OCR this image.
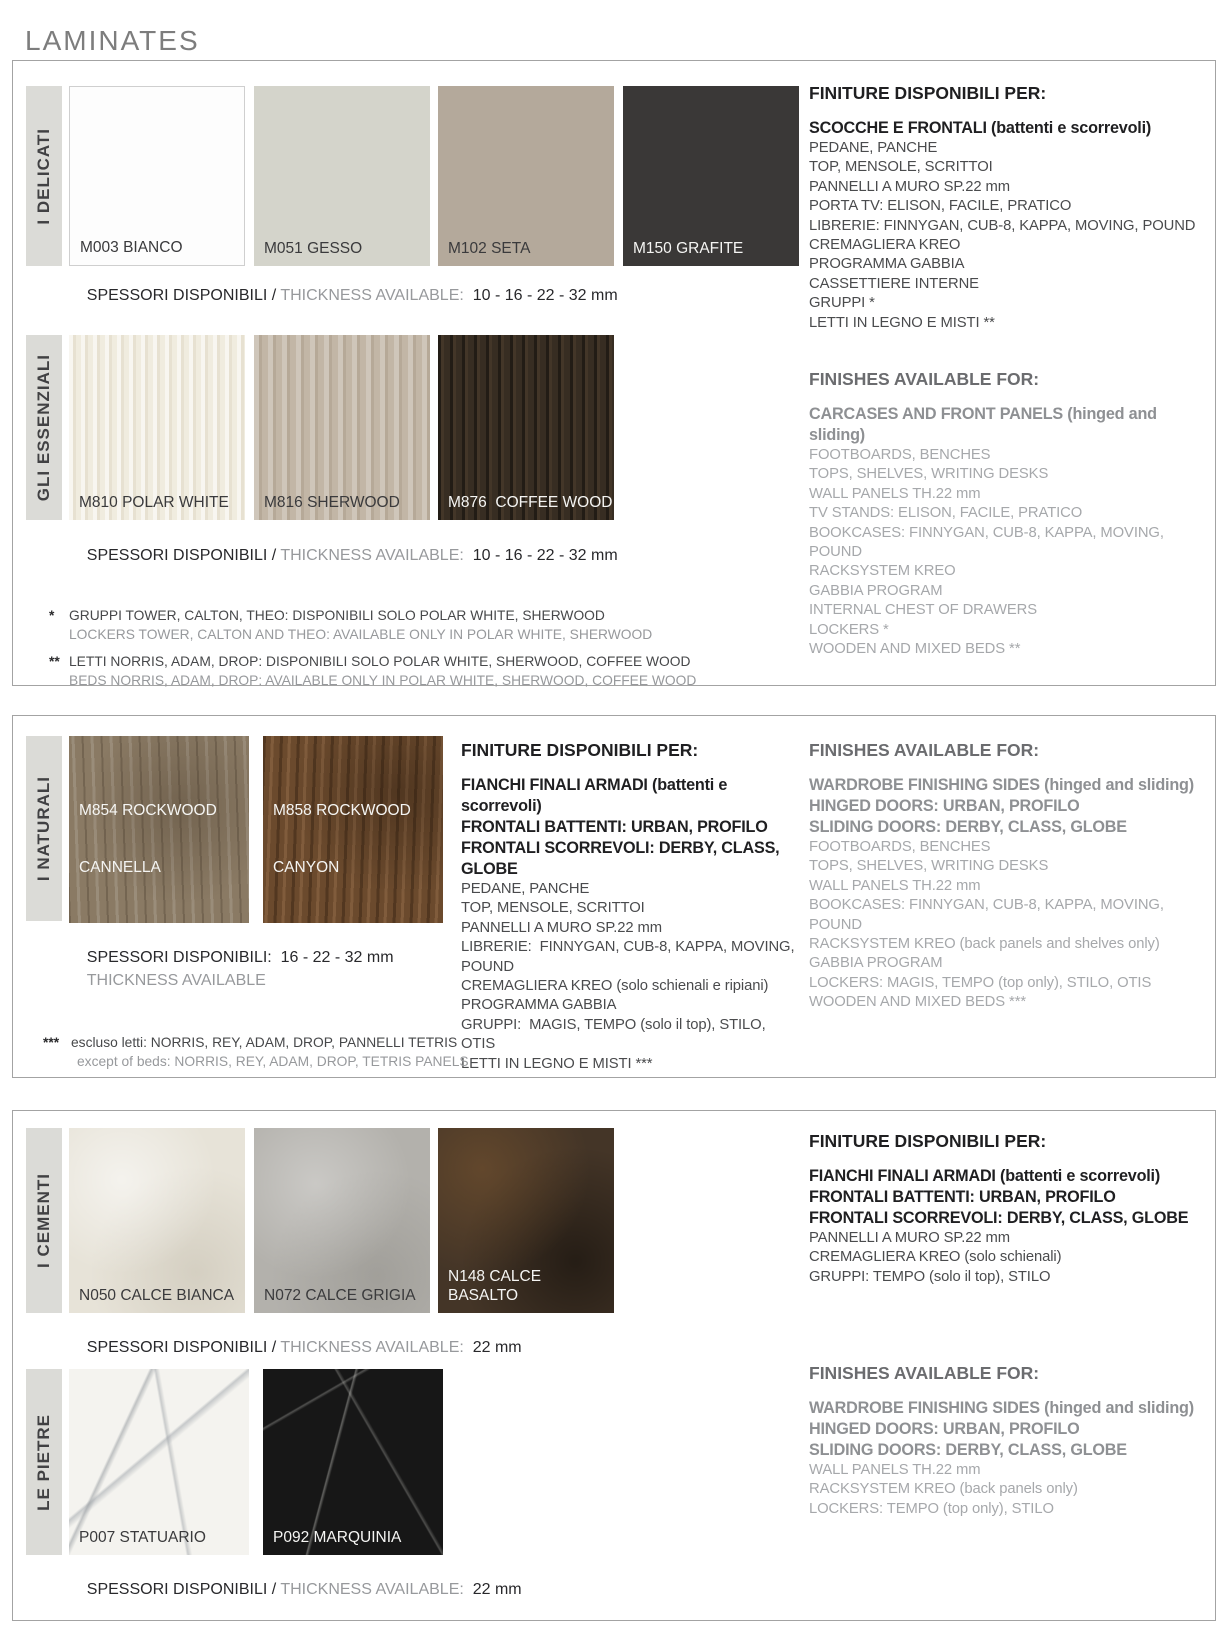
LAMINATES
I DELICATI
M003 BIANCO	M051 GESSO	M102 SETA	M150 GRAFITE

SPESSORI DISPONIBILI / THICKNESS AVAILABLE:  10 - 16 - 22 - 32 mm

GLI ESSENZIALI
M810 POLAR WHITE M816 SHERWOOD	M876  COFFEE WOOD

SPESSORI DISPONIBILI / THICKNESS AVAILABLE:  10 - 16 - 22 - 32 mm

FINITURE DISPONIBILI PER:
SCOCCHE E FRONTALI (battenti e scorrevoli)
PEDANE, PANCHE
TOP, MENSOLE, SCRITTOI
PANNELLI A MURO SP.22 mm
PORTA TV: ELISON, FACILE, PRATICO
LIBRERIE: FINNYGAN, CUB-8, KAPPA, MOVING, POUND
CREMAGLIERA KREO
PROGRAMMA GABBIA
CASSETTIERE INTERNE
GRUPPI *
LETTI IN LEGNO E MISTI **
FINISHES AVAILABLE FOR:
CARCASES AND FRONT PANELS (hinged and sliding)
FOOTBOARDS, BENCHES
TOPS, SHELVES, WRITING DESKS
WALL PANELS TH.22 mm
TV STANDS: ELISON, FACILE, PRATICO
BOOKCASES: FINNYGAN, CUB-8, KAPPA, MOVING, POUND
RACKSYSTEM KREO
GABBIA PROGRAM
INTERNAL CHEST OF DRAWERS
LOCKERS *
WOODEN AND MIXED BEDS **
* GRUPPI TOWER, CALTON, THEO: DISPONIBILI SOLO POLAR WHITE, SHERWOOD
LOCKERS TOWER, CALTON AND THEO: AVAILABLE ONLY IN POLAR WHITE, SHERWOOD
** LETTI NORRIS, ADAM, DROP: DISPONIBILI SOLO POLAR WHITE, SHERWOOD, COFFEE WOOD
BEDS NORRIS, ADAM, DROP: AVAILABLE ONLY IN POLAR WHITE, SHERWOOD, COFFEE WOOD
I NATURALI

M854 ROCKWOOD

CANNELLA

M858 ROCKWOOD

CANYON

SPESSORI DISPONIBILI:  16 - 22 - 32 mm

THICKNESS AVAILABLE

FINITURE DISPONIBILI PER:
FIANCHI FINALI ARMADI (battenti e scorrevoli)
FRONTALI BATTENTI: URBAN, PROFILO
FRONTALI SCORREVOLI: DERBY, CLASS, GLOBE
PEDANE, PANCHE
TOP, MENSOLE, SCRITTOI
PANNELLI A MURO SP.22 mm
LIBRERIE:  FINNYGAN, CUB-8, KAPPA, MOVING, POUND
CREMAGLIERA KREO (solo schienali e ripiani)
PROGRAMMA GABBIA
GRUPPI:  MAGIS, TEMPO (solo il top), STILO, OTIS
LETTI IN LEGNO E MISTI ***
FINISHES AVAILABLE FOR:
WARDROBE FINISHING SIDES (hinged and sliding)
HINGED DOORS: URBAN, PROFILO
SLIDING DOORS: DERBY, CLASS, GLOBE
FOOTBOARDS, BENCHES
TOPS, SHELVES, WRITING DESKS
WALL PANELS TH.22 mm
BOOKCASES: FINNYGAN, CUB-8, KAPPA, MOVING, POUND
RACKSYSTEM KREO (back panels and shelves only)
GABBIA PROGRAM
LOCKERS: MAGIS, TEMPO (top only), STILO, OTIS
WOODEN AND MIXED BEDS ***
*** escluso letti: NORRIS, REY, ADAM, DROP, PANNELLI TETRIS
except of beds: NORRIS, REY, ADAM, DROP, TETRIS PANELS
I CEMENTI
N050 CALCE BIANCA N072 CALCE GRIGIA
N148 CALCE BASALTO

SPESSORI DISPONIBILI / THICKNESS AVAILABLE:  22 mm

LE PIETRE
P007 STATUARIO	P092 MARQUINIA

SPESSORI DISPONIBILI / THICKNESS AVAILABLE:  22 mm

FINITURE DISPONIBILI PER:
FIANCHI FINALI ARMADI (battenti e scorrevoli)
FRONTALI BATTENTI: URBAN, PROFILO
FRONTALI SCORREVOLI: DERBY, CLASS, GLOBE
PANNELLI A MURO SP.22 mm
CREMAGLIERA KREO (solo schienali)
GRUPPI: TEMPO (solo il top), STILO
FINISHES AVAILABLE FOR:
WARDROBE FINISHING SIDES (hinged and sliding)
HINGED DOORS: URBAN, PROFILO
SLIDING DOORS: DERBY, CLASS, GLOBE
WALL PANELS TH.22 mm
RACKSYSTEM KREO (back panels only)
LOCKERS: TEMPO (top only), STILO
